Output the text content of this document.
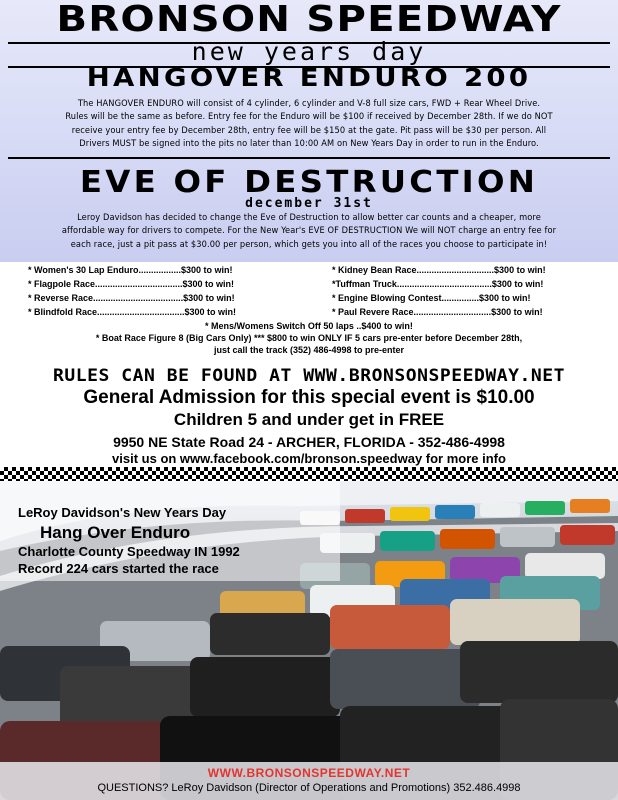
BRONSON SPEEDWAY
new years day
HANGOVER ENDURO 200
The HANGOVER ENDURO will consist of 4 cylinder, 6 cylinder and V-8 full size cars, FWD + Rear Wheel Drive.
Rules will be the same as before. Entry fee for the Enduro will be $100 if received by December 28th. If we do NOT
receive your entry fee by December 28th, entry fee will be $150 at the gate. Pit pass will be $30 per person. All
Drivers MUST be signed into the pits no later than 10:00 AM on New Years Day in order to run in the Enduro.
EVE OF DESTRUCTION
december 31st
Leroy Davidson has decided to change the Eve of Destruction to allow better car counts and a cheaper, more
affordable way for drivers to compete. For the New Year's EVE OF DESTRUCTION We will NOT charge an entry fee for
each race, just a pit pass at $30.00 per person, which gets you into all of the races you choose to participate in!
* Women's 30 Lap Enduro.................$300 to win!
* Flagpole Race...................................$300 to win!
* Reverse Race....................................$300 to win!
* Blindfold Race...................................$300 to win!
* Kidney Bean Race...............................$300 to win!
*Tuffman Truck......................................$300 to win!
* Engine Blowing Contest...............$300 to win!
* Paul Revere Race...............................$300 to win!
* Mens/Womens Switch Off 50 laps ..$400 to win!
* Boat Race Figure 8 (Big Cars Only) *** $800 to win ONLY IF 5 cars pre-enter before December 28th,
just call the track (352) 486-4998 to pre-enter
RULES CAN BE FOUND AT WWW.BRONSONSPEEDWAY.NET
General Admission for this special event is $10.00
Children 5 and under get in FREE
9950 NE State Road 24 - ARCHER, FLORIDA - 352-486-4998
visit us on www.facebook.com/bronson.speedway for more info
LeRoy Davidson's New Years Day
Hang Over Enduro
Charlotte County Speedway IN 1992
Record 224 cars started the race
WWW.BRONSONSPEEDWAY.NET
QUESTIONS? LeRoy Davidson (Director of Operations and Promotions) 352.486.4998
